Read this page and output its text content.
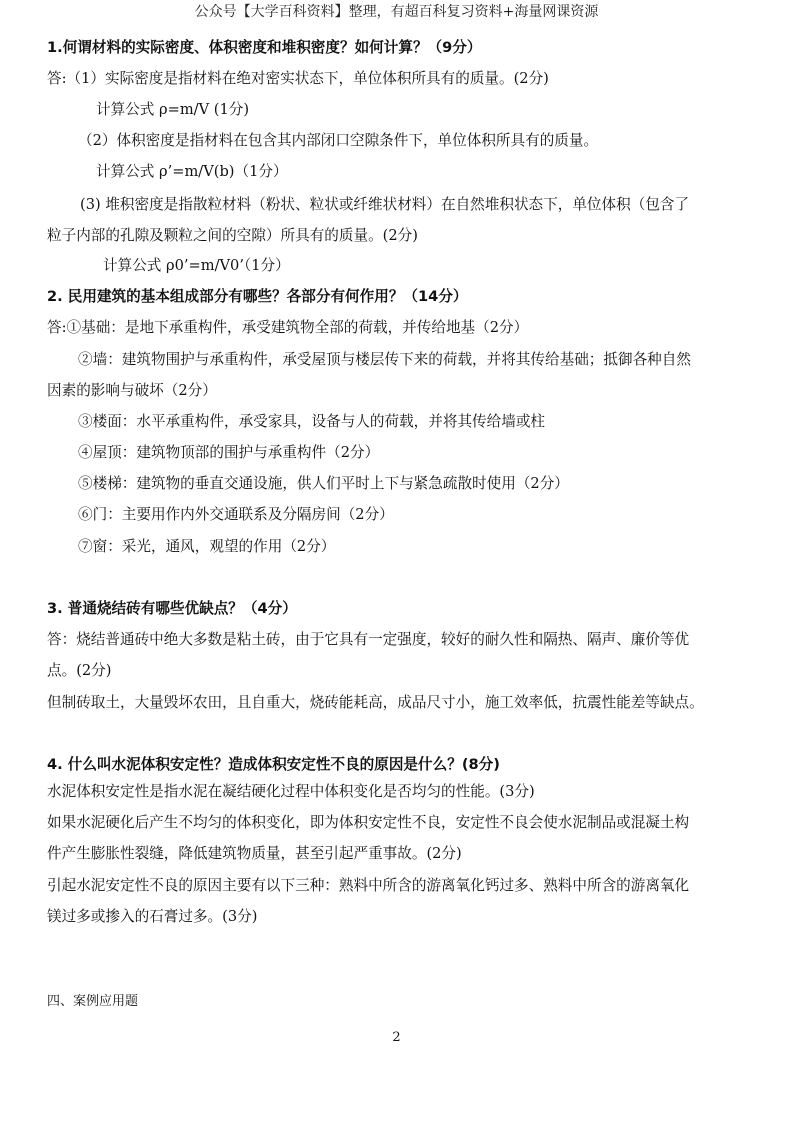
公众号【大学百科资料】整理，有超百科复习资料+海量网课资源
1.何谓材料的实际密度、体积密度和堆积密度？如何计算？（9分）
答:（1）实际密度是指材料在绝对密实状态下，单位体积所具有的质量。(2分)
计算公式 ρ=m/V (1分)
（2）体积密度是指材料在包含其内部闭口空隙条件下，单位体积所具有的质量。
计算公式 ρ’=m/V(b)（1分）
(3) 堆积密度是指散粒材料（粉状、粒状或纤维状材料）在自然堆积状态下，单位体积（包含了
粒子内部的孔隙及颗粒之间的空隙）所具有的质量。(2分)
计算公式 ρ0’=m/V0’（1分）
2. 民用建筑的基本组成部分有哪些？各部分有何作用？（14分）
答:①基础：是地下承重构件，承受建筑物全部的荷载，并传给地基（2分）
②墙：建筑物围护与承重构件，承受屋顶与楼层传下来的荷载，并将其传给基础；抵御各种自然
因素的影响与破坏（2分）
③楼面：水平承重构件，承受家具，设备与人的荷载，并将其传给墙或柱
④屋顶：建筑物顶部的围护与承重构件（2分）
⑤楼梯：建筑物的垂直交通设施，供人们平时上下与紧急疏散时使用（2分）
⑥门：主要用作内外交通联系及分隔房间（2分）
⑦窗：采光，通风，观望的作用（2分）
3. 普通烧结砖有哪些优缺点？（4分）
答：烧结普通砖中绝大多数是粘土砖，由于它具有一定强度，较好的耐久性和隔热、隔声、廉价等优
点。(2分)
但制砖取土，大量毁坏农田，且自重大，烧砖能耗高，成品尺寸小，施工效率低，抗震性能差等缺点。
4. 什么叫水泥体积安定性？造成体积安定性不良的原因是什么？(8分)
水泥体积安定性是指水泥在凝结硬化过程中体积变化是否均匀的性能。(3分)
如果水泥硬化后产生不均匀的体积变化，即为体积安定性不良，安定性不良会使水泥制品或混凝土构
件产生膨胀性裂缝，降低建筑物质量，甚至引起严重事故。(2分)
引起水泥安定性不良的原因主要有以下三种：熟料中所含的游离氧化钙过多、熟料中所含的游离氧化
镁过多或掺入的石膏过多。(3分)
四、案例应用题
2
